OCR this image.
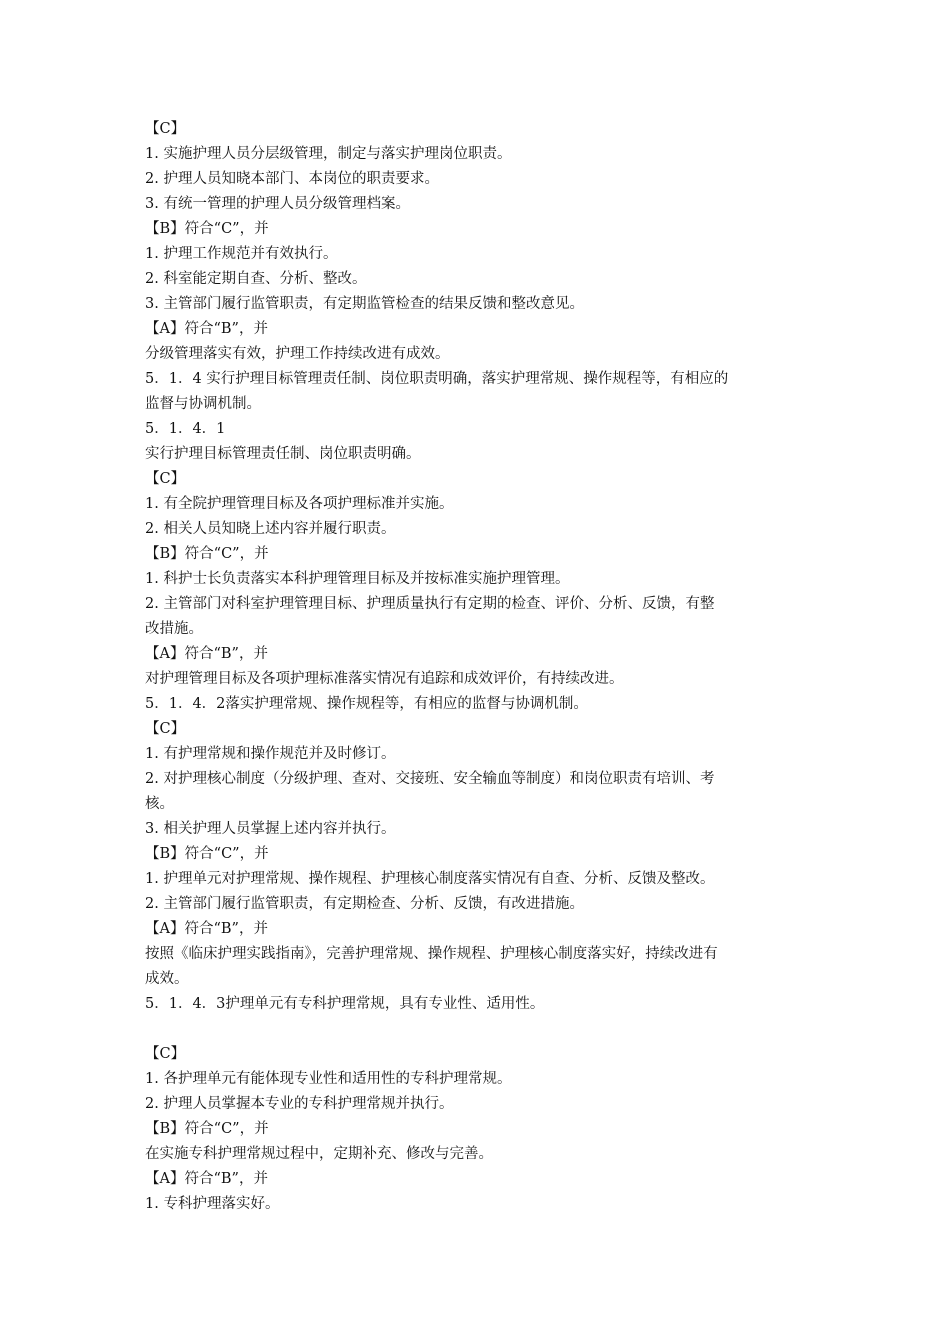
【C】
1. 实施护理人员分层级管理，制定与落实护理岗位职责。
2. 护理人员知晓本部门、本岗位的职责要求。
3. 有统一管理的护理人员分级管理档案。
【B】符合“C”，并
1. 护理工作规范并有效执行。
2. 科室能定期自查、分析、整改。
3. 主管部门履行监管职责，有定期监管检查的结果反馈和整改意见。
【A】符合“B”，并
分级管理落实有效，护理工作持续改进有成效。
5．1．4 实行护理目标管理责任制、岗位职责明确，落实护理常规、操作规程等，有相应的
监督与协调机制。
5．1．4．1
实行护理目标管理责任制、岗位职责明确。
【C】
1. 有全院护理管理目标及各项护理标准并实施。
2. 相关人员知晓上述内容并履行职责。
【B】符合“C”，并
1. 科护士长负责落实本科护理管理目标及并按标准实施护理管理。
2. 主管部门对科室护理管理目标、护理质量执行有定期的检查、评价、分析、反馈，有整
改措施。
【A】符合“B”，并
对护理管理目标及各项护理标准落实情况有追踪和成效评价，有持续改进。
5．1．4．2落实护理常规、操作规程等，有相应的监督与协调机制。
【C】
1. 有护理常规和操作规范并及时修订。
2. 对护理核心制度（分级护理、查对、交接班、安全输血等制度）和岗位职责有培训、考
核。
3. 相关护理人员掌握上述内容并执行。
【B】符合“C”，并
1. 护理单元对护理常规、操作规程、护理核心制度落实情况有自查、分析、反馈及整改。
2. 主管部门履行监管职责，有定期检查、分析、反馈，有改进措施。
【A】符合“B”，并
按照《临床护理实践指南》，完善护理常规、操作规程、护理核心制度落实好，持续改进有
成效。
5．1．4．3护理单元有专科护理常规，具有专业性、适用性。
【C】
1. 各护理单元有能体现专业性和适用性的专科护理常规。
2. 护理人员掌握本专业的专科护理常规并执行。
【B】符合“C”，并
在实施专科护理常规过程中，定期补充、修改与完善。
【A】符合“B”，并
1. 专科护理落实好。
